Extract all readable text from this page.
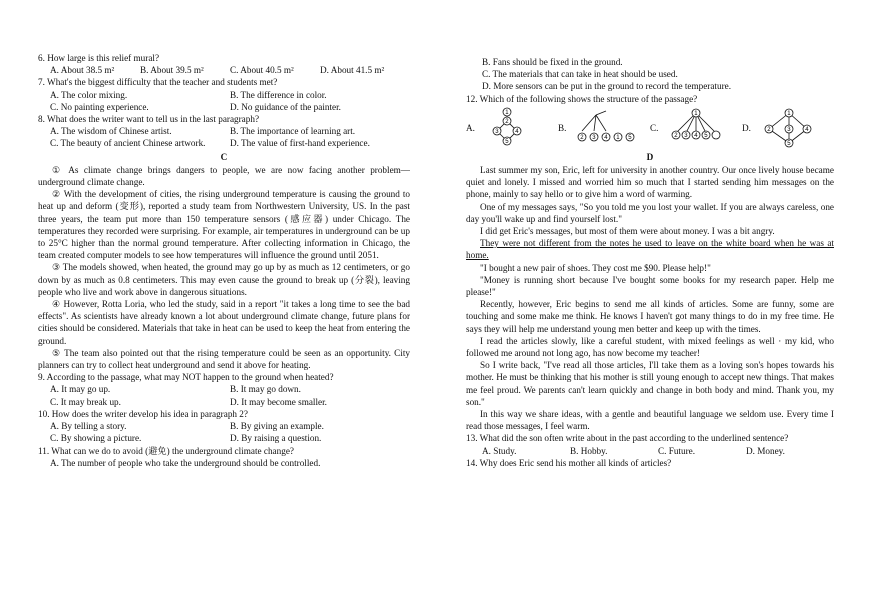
6. How large is this relief mural?

A. About 38.5 m²	B. About 39.5 m²	C. About 40.5 m²	D. About 41.5 m²

7. What's the biggest difficulty that the teacher and students met?

A. The color mixing.	B. The difference in color.
C. No painting experience.	D. No guidance of the painter.

8. What does the writer want to tell us in the last paragraph?

A. The wisdom of Chinese artist.	B. The importance of learning art.
C. The beauty of ancient Chinese artwork.	D. The value of first-hand experience.

C

① As climate change brings dangers to people, we are now facing another problem—underground climate change.

② With the development of cities, the rising underground temperature is causing the ground to heat up and deform (变形), reported a study team from Northwestern University, US. In the past three years, the team put more than 150 temperature sensors (感应器) under Chicago. The temperatures they recorded were surprising. For example, air temperatures in underground can be up to 25°C higher than the normal ground temperature. After collecting information in Chicago, the team created computer models to see how temperatures will influence the ground until 2051.

③ The models showed, when heated, the ground may go up by as much as 12 centimeters, or go down by as much as 0.8 centimeters. This may even cause the ground to break up (分裂), leaving people who live and work above in dangerous situations.

④ However, Rotta Loria, who led the study, said in a report "it takes a long time to see the bad effects". As scientists have already known a lot about underground climate change, future plans for cities should be considered. Materials that take in heat can be used to keep the heat from entering the ground.

⑤ The team also pointed out that the rising temperature could be seen as an opportunity. City planners can try to collect heat underground and send it above for heating.

9. According to the passage, what may NOT happen to the ground when heated?

A. It may go up.	B. It may go down.
C. It may break up.	D. It may become smaller.

10. How does the writer develop his idea in paragraph 2?

A. By telling a story.	B. By giving an example.
C. By showing a picture.	D. By raising a question.

11. What can we do to avoid (避免) the underground climate change?

A. The number of people who take the underground should be controlled.

B. Fans should be fixed in the ground.

C. The materials that can take in heat should be used.

D. More sensors can be put in the ground to record the temperature.

12. Which of the following shows the structure of the passage?

A.
1
2
3	4
5
B.
2 3 4 1 5
C.
1
2 3 4 5
D.
1
2	3 4
5

D

Last summer my son, Eric, left for university in another country. Our once lively house became quiet and lonely. I missed and worried him so much that I started sending him messages on the phone, mainly to say hello or to give him a word of warming.

One of my messages says, "So you told me you lost your wallet. If you are always careless, one day you'll wake up and find yourself lost."

I did get Eric's messages, but most of them were about money. I was a bit angry.

They were not different from the notes he used to leave on the white board when he was at home.

"I bought a new pair of shoes. They cost me $90. Please help!"

"Money is running short because I've bought some books for my research paper. Help me please!"

Recently, however, Eric begins to send me all kinds of articles. Some are funny, some are touching and some make me think. He knows I haven't got many things to do in my free time. He says they will help me understand young men better and keep up with the times.

I read the articles slowly, like a careful student, with mixed feelings as well · my kid, who followed me around not long ago, has now become my teacher!

So I write back, "I've read all those articles, I'll take them as a loving son's hopes towards his mother. He must be thinking that his mother is still young enough to accept new things. That makes me feel proud. We parents can't learn quickly and change in both body and mind. Thank you, my son."

In this way we share ideas, with a gentle and beautiful language we seldom use. Every time I read those messages, I feel warm.

13. What did the son often write about in the past according to the underlined sentence?

A. Study.	B. Hobby.	C. Future.	D. Money.

14. Why does Eric send his mother all kinds of articles?
